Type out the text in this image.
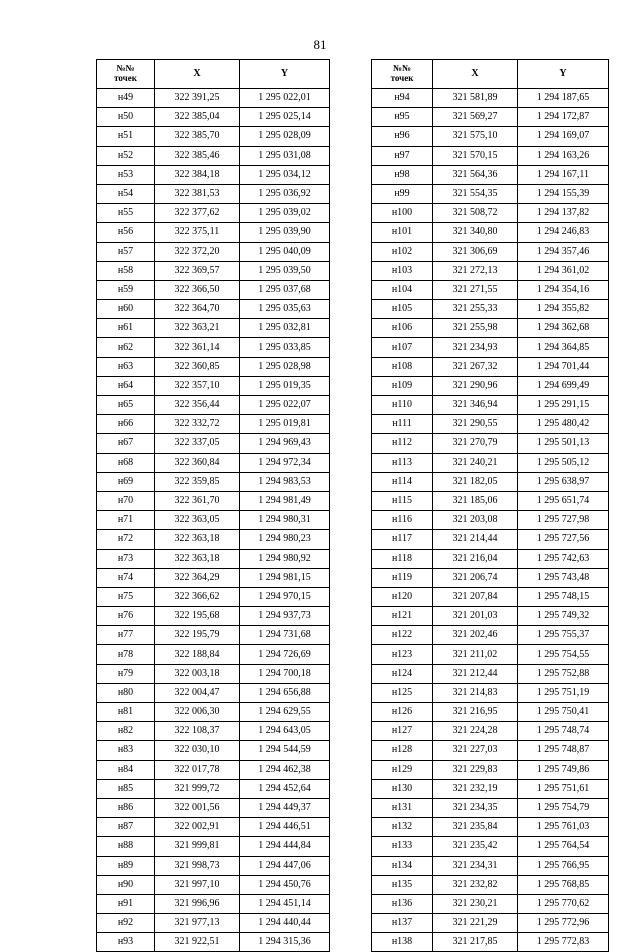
81
№№
точек	X	Y
н49	322 391,25	1 295 022,01
н50	322 385,04	1 295 025,14
н51	322 385,70	1 295 028,09
н52	322 385,46	1 295 031,08
н53	322 384,18	1 295 034,12
н54	322 381,53	1 295 036,92
н55	322 377,62	1 295 039,02
н56	322 375,11	1 295 039,90
н57	322 372,20	1 295 040,09
н58	322 369,57	1 295 039,50
н59	322 366,50	1 295 037,68
н60	322 364,70	1 295 035,63
н61	322 363,21	1 295 032,81
н62	322 361,14	1 295 033,85
н63	322 360,85	1 295 028,98
н64	322 357,10	1 295 019,35
н65	322 356,44	1 295 022,07
н66	322 332,72	1 295 019,81
н67	322 337,05	1 294 969,43
н68	322 360,84	1 294 972,34
н69	322 359,85	1 294 983,53
н70	322 361,70	1 294 981,49
н71	322 363,05	1 294 980,31
н72	322 363,18	1 294 980,23
н73	322 363,18	1 294 980,92
н74	322 364,29	1 294 981,15
н75	322 366,62	1 294 970,15
н76	322 195,68	1 294 937,73
н77	322 195,79	1 294 731,68
н78	322 188,84	1 294 726,69
н79	322 003,18	1 294 700,18
н80	322 004,47	1 294 656,88
н81	322 006,30	1 294 629,55
н82	322 108,37	1 294 643,05
н83	322 030,10	1 294 544,59
н84	322 017,78	1 294 462,38
н85	321 999,72	1 294 452,64
н86	322 001,56	1 294 449,37
н87	322 002,91	1 294 446,51
н88	321 999,81	1 294 444,84
н89	321 998,73	1 294 447,06
н90	321 997,10	1 294 450,76
н91	321 996,96	1 294 451,14
н92	321 977,13	1 294 440,44
н93	321 922,51	1 294 315,36
№№
точек	X	Y
н94	321 581,89	1 294 187,65
н95	321 569,27	1 294 172,87
н96	321 575,10	1 294 169,07
н97	321 570,15	1 294 163,26
н98	321 564,36	1 294 167,11
н99	321 554,35	1 294 155,39
н100	321 508,72	1 294 137,82
н101	321 340,80	1 294 246,83
н102	321 306,69	1 294 357,46
н103	321 272,13	1 294 361,02
н104	321 271,55	1 294 354,16
н105	321 255,33	1 294 355,82
н106	321 255,98	1 294 362,68
н107	321 234,93	1 294 364,85
н108	321 267,32	1 294 701,44
н109	321 290,96	1 294 699,49
н110	321 346,94	1 295 291,15
н111	321 290,55	1 295 480,42
н112	321 270,79	1 295 501,13
н113	321 240,21	1 295 505,12
н114	321 182,05	1 295 638,97
н115	321 185,06	1 295 651,74
н116	321 203,08	1 295 727,98
н117	321 214,44	1 295 727,56
н118	321 216,04	1 295 742,63
н119	321 206,74	1 295 743,48
н120	321 207,84	1 295 748,15
н121	321 201,03	1 295 749,32
н122	321 202,46	1 295 755,37
н123	321 211,02	1 295 754,55
н124	321 212,44	1 295 752,88
н125	321 214,83	1 295 751,19
н126	321 216,95	1 295 750,41
н127	321 224,28	1 295 748,74
н128	321 227,03	1 295 748,87
н129	321 229,83	1 295 749,86
н130	321 232,19	1 295 751,61
н131	321 234,35	1 295 754,79
н132	321 235,84	1 295 761,03
н133	321 235,42	1 295 764,54
н134	321 234,31	1 295 766,95
н135	321 232,82	1 295 768,85
н136	321 230,21	1 295 770,62
н137	321 221,29	1 295 772,96
н138	321 217,85	1 295 772,83
